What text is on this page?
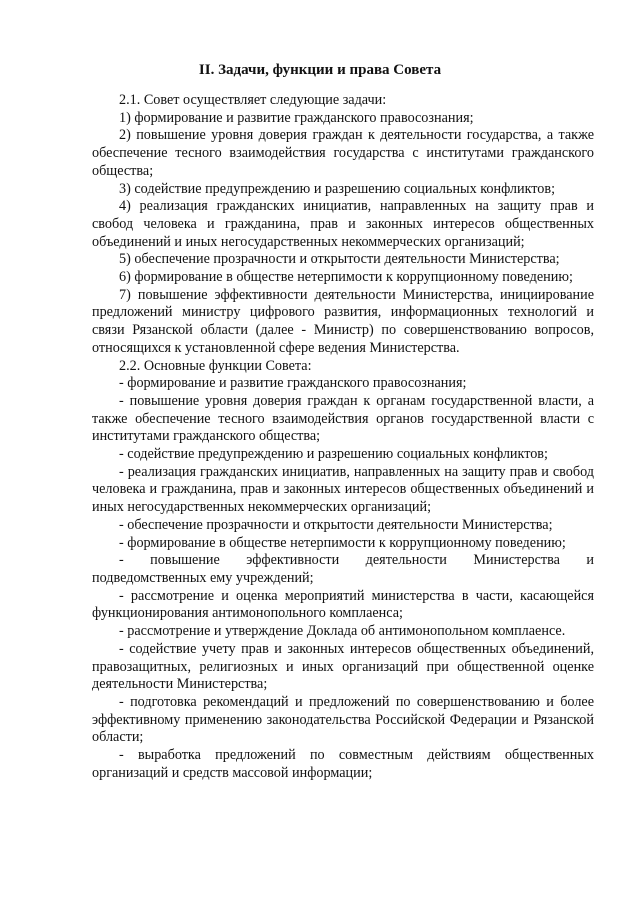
II. Задачи, функции и права Совета

2.1. Совет осуществляет следующие задачи:

1) формирование и развитие гражданского правосознания;

2) повышение уровня доверия граждан к деятельности государства, а также обеспечение тесного взаимодействия государства с институтами гражданского общества;

3) содействие предупреждению и разрешению социальных конфликтов;

4) реализация гражданских инициатив, направленных на защиту прав и свобод человека и гражданина, прав и законных интересов общественных объединений и иных негосударственных некоммерческих организаций;

5) обеспечение прозрачности и открытости деятельности Министерства;

6) формирование в обществе нетерпимости к коррупционному поведению;

7) повышение эффективности деятельности Министерства, инициирование предложений министру цифрового развития, информационных технологий и связи Рязанской области (далее - Министр) по совершенствованию вопросов, относящихся к установленной сфере ведения Министерства.

2.2. Основные функции Совета:

- формирование и развитие гражданского правосознания;

- повышение уровня доверия граждан к органам государственной власти, а также обеспечение тесного взаимодействия органов государственной власти с институтами гражданского общества;

- содействие предупреждению и разрешению социальных конфликтов;

- реализация гражданских инициатив, направленных на защиту прав и свобод человека и гражданина, прав и законных интересов общественных объединений и иных негосударственных некоммерческих организаций;

- обеспечение прозрачности и открытости деятельности Министерства;

- формирование в обществе нетерпимости к коррупционному поведению;

- повышение эффективности деятельности Министерства и подведомственных ему учреждений;

- рассмотрение и оценка мероприятий министерства в части, касающейся функционирования антимонопольного комплаенса;

- рассмотрение и утверждение Доклада об антимонопольном комплаенсе.

- содействие учету прав и законных интересов общественных объединений, правозащитных, религиозных и иных организаций при общественной оценке деятельности Министерства;

- подготовка рекомендаций и предложений по совершенствованию и более эффективному применению законодательства Российской Федерации и Рязанской области;

- выработка предложений по совместным действиям общественных организаций и средств массовой информации;
